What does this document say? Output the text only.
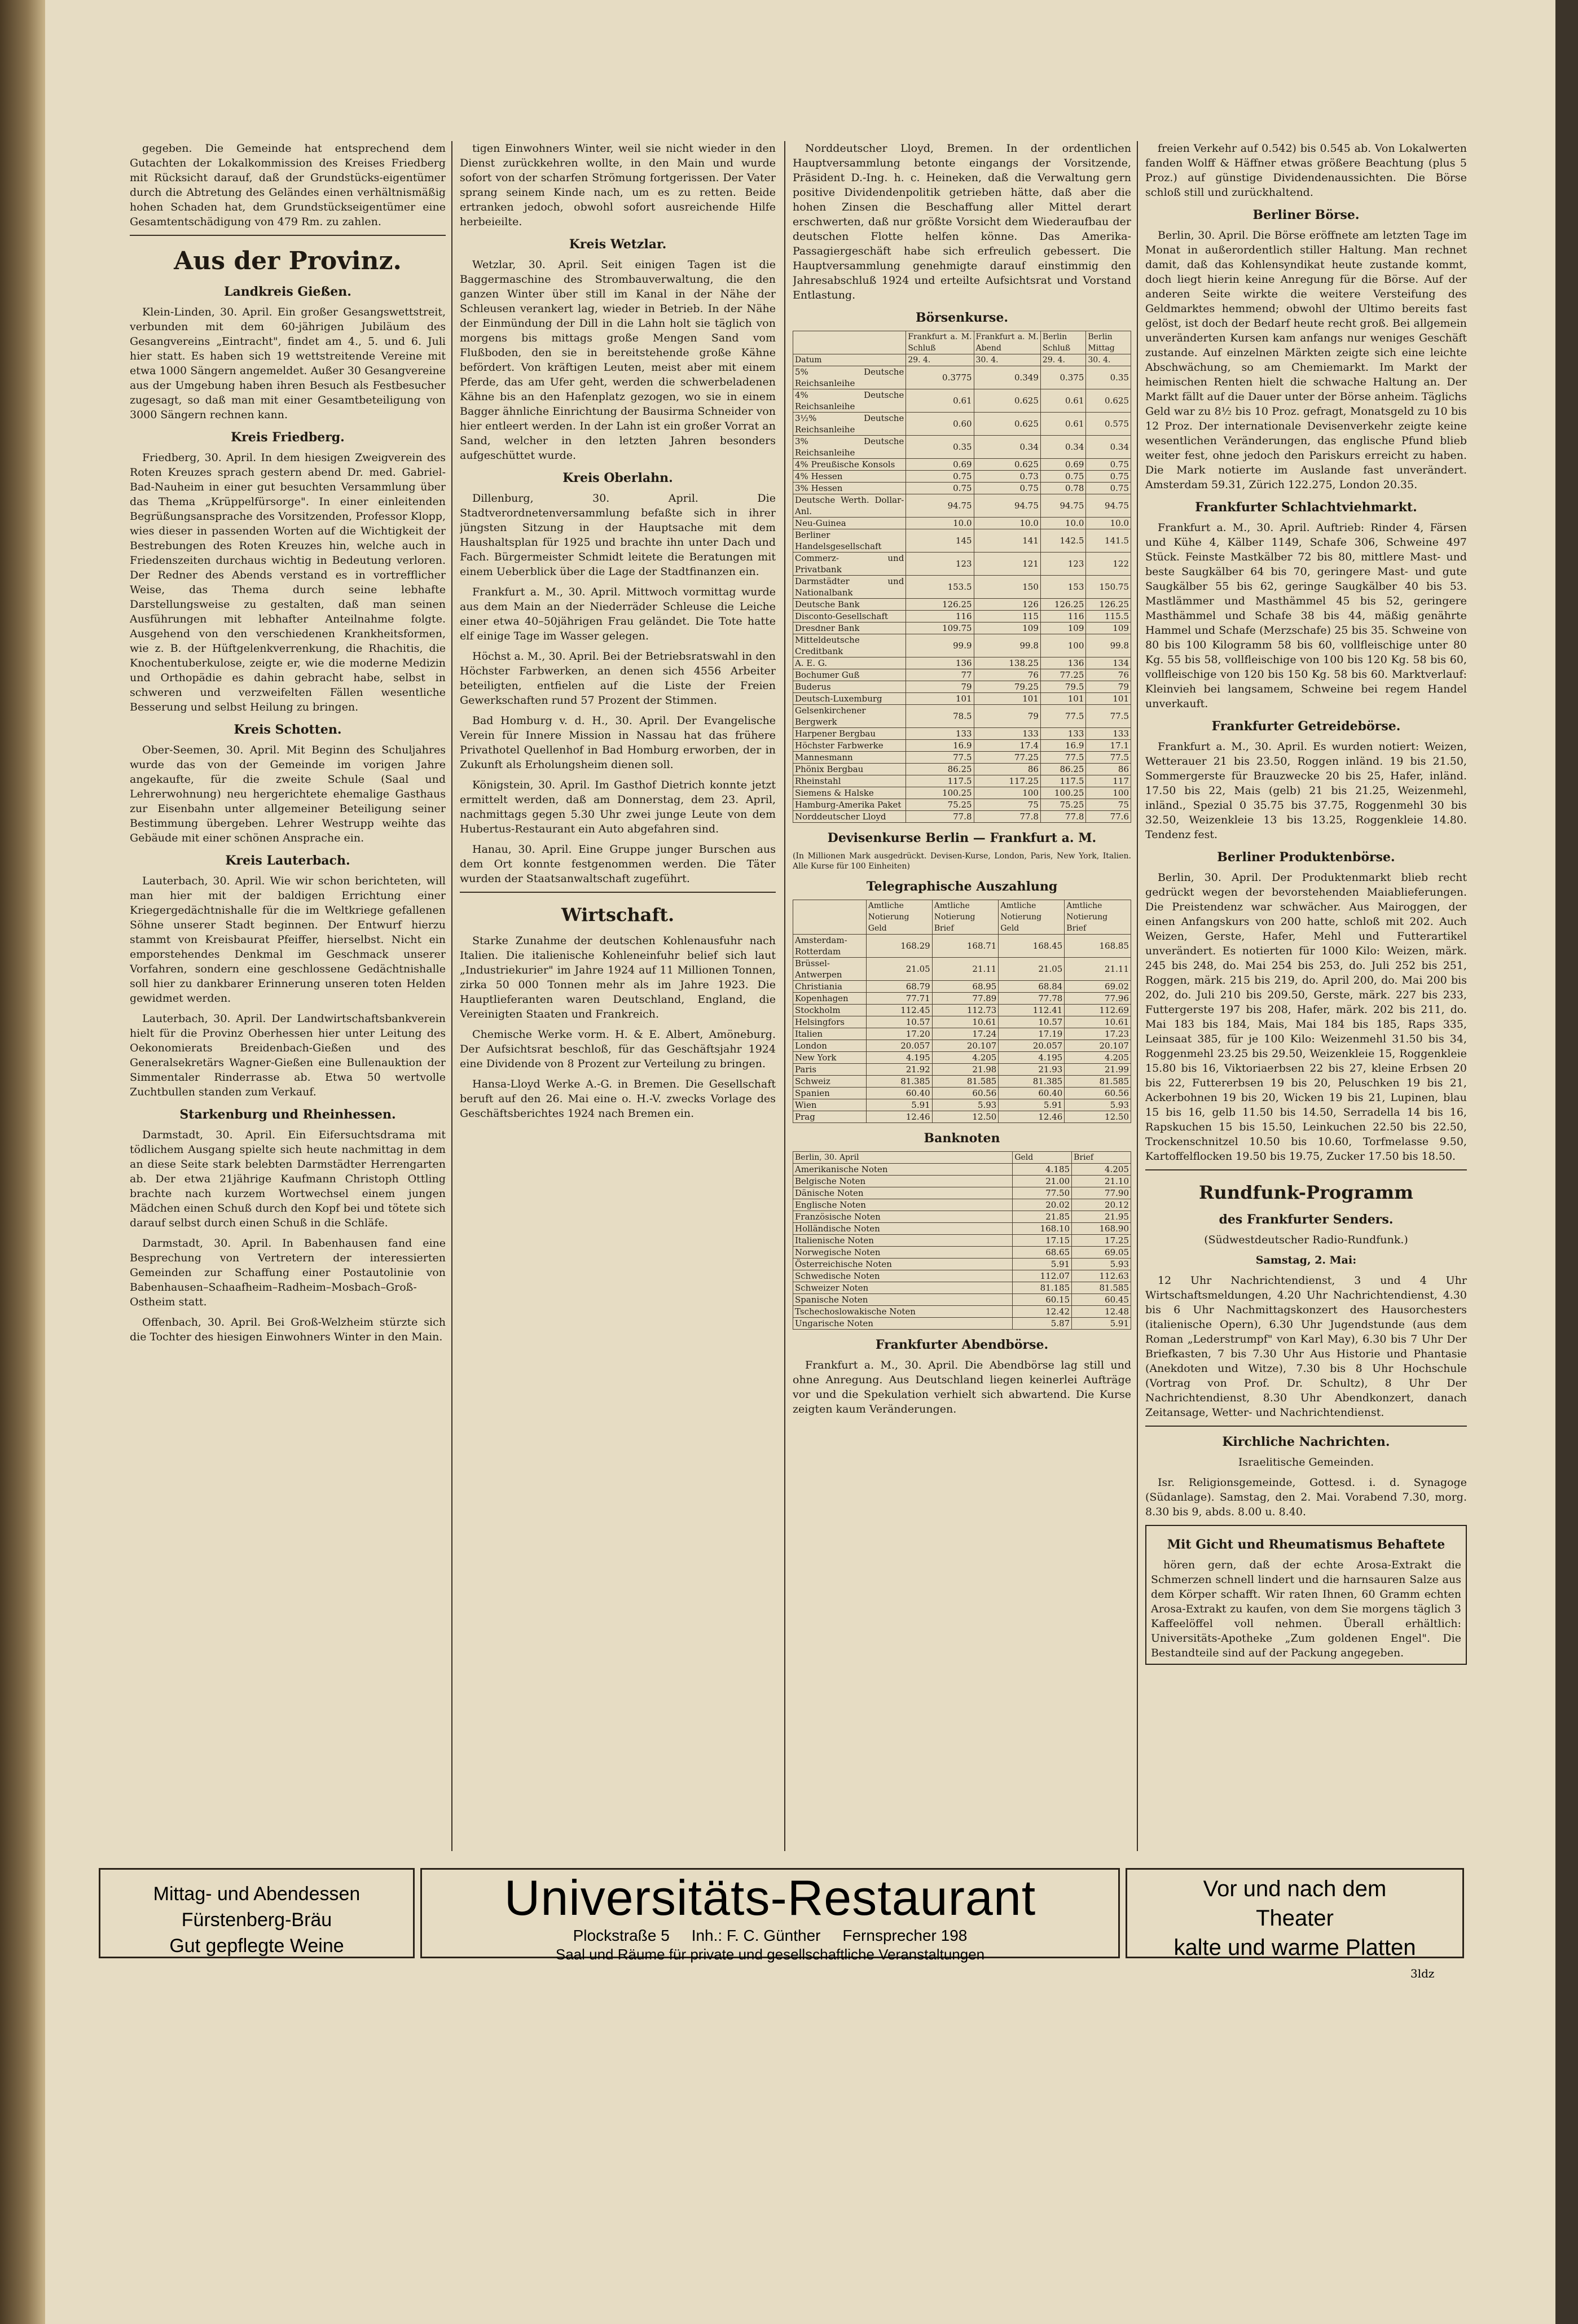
gegeben. Die Gemeinde hat entsprechend dem Gutachten der Lokalkommission des Kreises Friedberg mit Rücksicht darauf, daß der Grundstücks-eigentümer durch die Abtretung des Geländes einen verhältnismäßig hohen Schaden hat, dem Grundstückseigentümer eine Gesamtentschädigung von 479 Rm. zu zahlen.

Aus der Provinz.
Landkreis Gießen.

Klein-Linden, 30. April. Ein großer Gesangswettstreit, verbunden mit dem 60-jährigen Jubiläum des Gesangvereins „Eintracht", findet am 4., 5. und 6. Juli hier statt. Es haben sich 19 wettstreitende Vereine mit etwa 1000 Sängern angemeldet. Außer 30 Gesangvereine aus der Umgebung haben ihren Besuch als Festbesucher zugesagt, so daß man mit einer Gesamtbeteiligung von 3000 Sängern rechnen kann.

Kreis Friedberg.

Friedberg, 30. April. In dem hiesigen Zweigverein des Roten Kreuzes sprach gestern abend Dr. med. Gabriel-Bad-Nauheim in einer gut besuchten Versammlung über das Thema „Krüppelfürsorge". In einer einleitenden Begrüßungsansprache des Vorsitzenden, Professor Klopp, wies dieser in passenden Worten auf die Wichtigkeit der Bestrebungen des Roten Kreuzes hin, welche auch in Friedenszeiten durchaus wichtig in Bedeutung verloren. Der Redner des Abends verstand es in vortrefflicher Weise, das Thema durch seine lebhafte Darstellungsweise zu gestalten, daß man seinen Ausführungen mit lebhafter Anteilnahme folgte. Ausgehend von den verschiedenen Krankheitsformen, wie z. B. der Hüftgelenkverrenkung, die Rhachitis, die Knochentuberkulose, zeigte er, wie die moderne Medizin und Orthopädie es dahin gebracht habe, selbst in schweren und verzweifelten Fällen wesentliche Besserung und selbst Heilung zu bringen.

Kreis Schotten.

Ober-Seemen, 30. April. Mit Beginn des Schuljahres wurde das von der Gemeinde im vorigen Jahre angekaufte, für die zweite Schule (Saal und Lehrerwohnung) neu hergerichtete ehemalige Gasthaus zur Eisenbahn unter allgemeiner Beteiligung seiner Bestimmung übergeben. Lehrer Westrupp weihte das Gebäude mit einer schönen Ansprache ein.

Kreis Lauterbach.

Lauterbach, 30. April. Wie wir schon berichteten, will man hier mit der baldigen Errichtung einer Kriegergedächtnishalle für die im Weltkriege gefallenen Söhne unserer Stadt beginnen. Der Entwurf hierzu stammt von Kreisbaurat Pfeiffer, hierselbst. Nicht ein emporstehendes Denkmal im Geschmack unserer Vorfahren, sondern eine geschlossene Gedächtnishalle soll hier zu dankbarer Erinnerung unseren toten Helden gewidmet werden.

Lauterbach, 30. April. Der Landwirtschaftsbankverein hielt für die Provinz Oberhessen hier unter Leitung des Oekonomierats Breidenbach-Gießen und des Generalsekretärs Wagner-Gießen eine Bullenauktion der Simmentaler Rinderrasse ab. Etwa 50 wertvolle Zuchtbullen standen zum Verkauf.

Starkenburg und Rheinhessen.

Darmstadt, 30. April. Ein Eifersuchtsdrama mit tödlichem Ausgang spielte sich heute nachmittag in dem an diese Seite stark belebten Darmstädter Herrengarten ab. Der etwa 21jährige Kaufmann Christoph Ottling brachte nach kurzem Wortwechsel einem jungen Mädchen einen Schuß durch den Kopf bei und tötete sich darauf selbst durch einen Schuß in die Schläfe.

Darmstadt, 30. April. In Babenhausen fand eine Besprechung von Vertretern der interessierten Gemeinden zur Schaffung einer Postautolinie von Babenhausen–Schaafheim–Radheim–Mosbach–Groß-Ostheim statt.

Offenbach, 30. April. Bei Groß-Welzheim stürzte sich die Tochter des hiesigen Einwohners Winter in den Main.

tigen Einwohners Winter, weil sie nicht wieder in den Dienst zurückkehren wollte, in den Main und wurde sofort von der scharfen Strömung fortgerissen. Der Vater sprang seinem Kinde nach, um es zu retten. Beide ertranken jedoch, obwohl sofort ausreichende Hilfe herbeieilte.

Kreis Wetzlar.

Wetzlar, 30. April. Seit einigen Tagen ist die Baggermaschine des Strombauverwaltung, die den ganzen Winter über still im Kanal in der Nähe der Schleusen verankert lag, wieder in Betrieb. In der Nähe der Einmündung der Dill in die Lahn holt sie täglich von morgens bis mittags große Mengen Sand vom Flußboden, den sie in bereitstehende große Kähne befördert. Von kräftigen Leuten, meist aber mit einem Pferde, das am Ufer geht, werden die schwerbeladenen Kähne bis an den Hafenplatz gezogen, wo sie in einem Bagger ähnliche Einrichtung der Bausirma Schneider von hier entleert werden. In der Lahn ist ein großer Vorrat an Sand, welcher in den letzten Jahren besonders aufgeschüttet wurde.

Kreis Oberlahn.

Dillenburg, 30. April. Die Stadtverordnetenversammlung befaßte sich in ihrer jüngsten Sitzung in der Hauptsache mit dem Haushaltsplan für 1925 und brachte ihn unter Dach und Fach. Bürgermeister Schmidt leitete die Beratungen mit einem Ueberblick über die Lage der Stadtfinanzen ein.

Frankfurt a. M., 30. April. Mittwoch vormittag wurde aus dem Main an der Niederräder Schleuse die Leiche einer etwa 40–50jährigen Frau geländet. Die Tote hatte elf einige Tage im Wasser gelegen.

Höchst a. M., 30. April. Bei der Betriebsratswahl in den Höchster Farbwerken, an denen sich 4556 Arbeiter beteiligten, entfielen auf die Liste der Freien Gewerkschaften rund 57 Prozent der Stimmen.

Bad Homburg v. d. H., 30. April. Der Evangelische Verein für Innere Mission in Nassau hat das frühere Privathotel Quellenhof in Bad Homburg erworben, der in Zukunft als Erholungsheim dienen soll.

Königstein, 30. April. Im Gasthof Dietrich konnte jetzt ermittelt werden, daß am Donnerstag, dem 23. April, nachmittags gegen 5.30 Uhr zwei junge Leute von dem Hubertus-Restaurant ein Auto abgefahren sind.

Hanau, 30. April. Eine Gruppe junger Burschen aus dem Ort konnte festgenommen werden. Die Täter wurden der Staatsanwaltschaft zugeführt.

Wirtschaft.

Starke Zunahme der deutschen Kohlenausfuhr nach Italien. Die italienische Kohleneinfuhr belief sich laut „Industriekurier" im Jahre 1924 auf 11 Millionen Tonnen, zirka 50 000 Tonnen mehr als im Jahre 1923. Die Hauptlieferanten waren Deutschland, England, die Vereinigten Staaten und Frankreich.

Chemische Werke vorm. H. & E. Albert, Amöneburg. Der Aufsichtsrat beschloß, für das Geschäftsjahr 1924 eine Dividende von 8 Prozent zur Verteilung zu bringen.

Hansa-Lloyd Werke A.-G. in Bremen. Die Gesellschaft beruft auf den 26. Mai eine o. H.-V. zwecks Vorlage des Geschäftsberichtes 1924 nach Bremen ein.

Norddeutscher Lloyd, Bremen. In der ordentlichen Hauptversammlung betonte eingangs der Vorsitzende, Präsident D.-Ing. h. c. Heineken, daß die Verwaltung gern positive Dividendenpolitik getrieben hätte, daß aber die hohen Zinsen die Beschaffung aller Mittel derart erschwerten, daß nur größte Vorsicht dem Wiederaufbau der deutschen Flotte helfen könne. Das Amerika-Passagiergeschäft habe sich erfreulich gebessert. Die Hauptversammlung genehmigte darauf einstimmig den Jahresabschluß 1924 und erteilte Aufsichtsrat und Vorstand Entlastung.

Börsenkurse.
	Frankfurt a. M. Schluß	Frankfurt a. M. Abend	Berlin Schluß	Berlin Mittag
Datum	29. 4.	30. 4.	29. 4.	30. 4.
5% Deutsche Reichsanleihe	0.3775	0.349	0.375	0.35
4% Deutsche Reichsanleihe	0.61	0.625	0.61	0.625
3½% Deutsche Reichsanleihe	0.60	0.625	0.61	0.575
3% Deutsche Reichsanleihe	0.35	0.34	0.34	0.34
4% Preußische Konsols	0.69	0.625	0.69	0.75
4% Hessen	0.75	0.73	0.75	0.75
3% Hessen	0.75	0.75	0.78	0.75
Deutsche Werth. Dollar-Anl.	94.75	94.75	94.75	94.75
Neu-Guinea	10.0	10.0	10.0	10.0
Berliner Handelsgesellschaft	145	141	142.5	141.5
Commerz- und Privatbank	123	121	123	122
Darmstädter und Nationalbank	153.5	150	153	150.75
Deutsche Bank	126.25	126	126.25	126.25
Disconto-Gesellschaft	116	115	116	115.5
Dresdner Bank	109.75	109	109	109
Mitteldeutsche Creditbank	99.9	99.8	100	99.8
A. E. G.	136	138.25	136	134
Bochumer Guß	77	76	77.25	76
Buderus	79	79.25	79.5	79
Deutsch-Luxemburg	101	101	101	101
Gelsenkirchener Bergwerk	78.5	79	77.5	77.5
Harpener Bergbau	133	133	133	133
Höchster Farbwerke	16.9	17.4	16.9	17.1
Mannesmann	77.5	77.25	77.5	77.5
Phönix Bergbau	86.25	86	86.25	86
Rheinstahl	117.5	117.25	117.5	117
Siemens & Halske	100.25	100	100.25	100
Hamburg-Amerika Paket	75.25	75	75.25	75
Norddeutscher Lloyd	77.8	77.8	77.8	77.6
Devisenkurse Berlin — Frankfurt a. M.

(In Millionen Mark ausgedrückt. Devisen-Kurse, London, Paris, New York, Italien. Alle Kurse für 100 Einheiten)

Telegraphische Auszahlung
	Amtliche Notierung Geld	Amtliche Notierung Brief	Amtliche Notierung Geld	Amtliche Notierung Brief
Amsterdam-Rotterdam	168.29	168.71	168.45	168.85
Brüssel-Antwerpen	21.05	21.11	21.05	21.11
Christiania	68.79	68.95	68.84	69.02
Kopenhagen	77.71	77.89	77.78	77.96
Stockholm	112.45	112.73	112.41	112.69
Helsingfors	10.57	10.61	10.57	10.61
Italien	17.20	17.24	17.19	17.23
London	20.057	20.107	20.057	20.107
New York	4.195	4.205	4.195	4.205
Paris	21.92	21.98	21.93	21.99
Schweiz	81.385	81.585	81.385	81.585
Spanien	60.40	60.56	60.40	60.56
Wien	5.91	5.93	5.91	5.93
Prag	12.46	12.50	12.46	12.50
Banknoten
Berlin, 30. April	Geld	Brief
Amerikanische Noten	4.185	4.205
Belgische Noten	21.00	21.10
Dänische Noten	77.50	77.90
Englische Noten	20.02	20.12
Französische Noten	21.85	21.95
Holländische Noten	168.10	168.90
Italienische Noten	17.15	17.25
Norwegische Noten	68.65	69.05
Österreichische Noten	5.91	5.93
Schwedische Noten	112.07	112.63
Schweizer Noten	81.185	81.585
Spanische Noten	60.15	60.45
Tschechoslowakische Noten	12.42	12.48
Ungarische Noten	5.87	5.91
Frankfurter Abendbörse.

Frankfurt a. M., 30. April. Die Abendbörse lag still und ohne Anregung. Aus Deutschland liegen keinerlei Aufträge vor und die Spekulation verhielt sich abwartend. Die Kurse zeigten kaum Veränderungen.

freien Verkehr auf 0.542) bis 0.545 ab. Von Lokalwerten fanden Wolff & Häffner etwas größere Beachtung (plus 5 Proz.) auf günstige Dividendenaussichten. Die Börse schloß still und zurückhaltend.

Berliner Börse.

Berlin, 30. April. Die Börse eröffnete am letzten Tage im Monat in außerordentlich stiller Haltung. Man rechnet damit, daß das Kohlensyndikat heute zustande kommt, doch liegt hierin keine Anregung für die Börse. Auf der anderen Seite wirkte die weitere Versteifung des Geldmarktes hemmend; obwohl der Ultimo bereits fast gelöst, ist doch der Bedarf heute recht groß. Bei allgemein unveränderten Kursen kam anfangs nur weniges Geschäft zustande. Auf einzelnen Märkten zeigte sich eine leichte Abschwächung, so am Chemiemarkt. Im Markt der heimischen Renten hielt die schwache Haltung an. Der Markt fällt auf die Dauer unter der Börse anheim. Täglichs Geld war zu 8½ bis 10 Proz. gefragt, Monatsgeld zu 10 bis 12 Proz. Der internationale Devisenverkehr zeigte keine wesentlichen Veränderungen, das englische Pfund blieb weiter fest, ohne jedoch den Pariskurs erreicht zu haben. Die Mark notierte im Auslande fast unverändert. Amsterdam 59.31, Zürich 122.275, London 20.35.

Frankfurter Schlachtviehmarkt.

Frankfurt a. M., 30. April. Auftrieb: Rinder 4, Färsen und Kühe 4, Kälber 1149, Schafe 306, Schweine 497 Stück. Feinste Mastkälber 72 bis 80, mittlere Mast- und beste Saugkälber 64 bis 70, geringere Mast- und gute Saugkälber 55 bis 62, geringe Saugkälber 40 bis 53. Mastlämmer und Masthämmel 45 bis 52, geringere Masthämmel und Schafe 38 bis 44, mäßig genährte Hammel und Schafe (Merzschafe) 25 bis 35. Schweine von 80 bis 100 Kilogramm 58 bis 60, vollfleischige unter 80 Kg. 55 bis 58, vollfleischige von 100 bis 120 Kg. 58 bis 60, vollfleischige von 120 bis 150 Kg. 58 bis 60. Marktverlauf: Kleinvieh bei langsamem, Schweine bei regem Handel unverkauft.

Frankfurter Getreidebörse.

Frankfurt a. M., 30. April. Es wurden notiert: Weizen, Wetterauer 21 bis 23.50, Roggen inländ. 19 bis 21.50, Sommergerste für Brauzwecke 20 bis 25, Hafer, inländ. 17.50 bis 22, Mais (gelb) 21 bis 21.25, Weizenmehl, inländ., Spezial 0 35.75 bis 37.75, Roggenmehl 30 bis 32.50, Weizenkleie 13 bis 13.25, Roggenkleie 14.80. Tendenz fest.

Berliner Produktenbörse.

Berlin, 30. April. Der Produktenmarkt blieb recht gedrückt wegen der bevorstehenden Maiablieferungen. Die Preistendenz war schwächer. Aus Mairoggen, der einen Anfangskurs von 200 hatte, schloß mit 202. Auch Weizen, Gerste, Hafer, Mehl und Futterartikel unverändert. Es notierten für 1000 Kilo: Weizen, märk. 245 bis 248, do. Mai 254 bis 253, do. Juli 252 bis 251, Roggen, märk. 215 bis 219, do. April 200, do. Mai 200 bis 202, do. Juli 210 bis 209.50, Gerste, märk. 227 bis 233, Futtergerste 197 bis 208, Hafer, märk. 202 bis 211, do. Mai 183 bis 184, Mais, Mai 184 bis 185, Raps 335, Leinsaat 385, für je 100 Kilo: Weizenmehl 31.50 bis 34, Roggenmehl 23.25 bis 29.50, Weizenkleie 15, Roggenkleie 15.80 bis 16, Viktoriaerbsen 22 bis 27, kleine Erbsen 20 bis 22, Futtererbsen 19 bis 20, Peluschken 19 bis 21, Ackerbohnen 19 bis 20, Wicken 19 bis 21, Lupinen, blau 15 bis 16, gelb 11.50 bis 14.50, Serradella 14 bis 16, Rapskuchen 15 bis 15.50, Leinkuchen 22.50 bis 22.50, Trockenschnitzel 10.50 bis 10.60, Torfmelasse 9.50, Kartoffelflocken 19.50 bis 19.75, Zucker 17.50 bis 18.50.

Rundfunk-Programm
des Frankfurter Senders.

(Südwestdeutscher Radio-Rundfunk.)

Samstag, 2. Mai:

12 Uhr Nachrichtendienst, 3 und 4 Uhr Wirtschaftsmeldungen, 4.20 Uhr Nachrichtendienst, 4.30 bis 6 Uhr Nachmittagskonzert des Hausorchesters (italienische Opern), 6.30 Uhr Jugendstunde (aus dem Roman „Lederstrumpf" von Karl May), 6.30 bis 7 Uhr Der Briefkasten, 7 bis 7.30 Uhr Aus Historie und Phantasie (Anekdoten und Witze), 7.30 bis 8 Uhr Hochschule (Vortrag von Prof. Dr. Schultz), 8 Uhr Der Nachrichtendienst, 8.30 Uhr Abendkonzert, danach Zeitansage, Wetter- und Nachrichtendienst.

Kirchliche Nachrichten.

Israelitische Gemeinden.

Isr. Religionsgemeinde, Gottesd. i. d. Synagoge (Südanlage). Samstag, den 2. Mai. Vorabend 7.30, morg. 8.30 bis 9, abds. 8.00 u. 8.40.

Mit Gicht und Rheumatismus Behaftete

hören gern, daß der echte Arosa-Extrakt die Schmerzen schnell lindert und die harnsauren Salze aus dem Körper schafft. Wir raten Ihnen, 60 Gramm echten Arosa-Extrakt zu kaufen, von dem Sie morgens täglich 3 Kaffeelöffel voll nehmen. Überall erhältlich: Universitäts-Apotheke „Zum goldenen Engel". Die Bestandteile sind auf der Packung angegeben.

Mittag- und Abendessen
Fürstenberg-Bräu
Gut gepflegte Weine
Universitäts-Restaurant
Plockstraße 5 Inh.: F. C. Günther Fernsprecher 198
Saal und Räume für private und gesellschaftliche Veranstaltungen
Vor und nach dem
Theater
kalte und warme Platten
3ldz
